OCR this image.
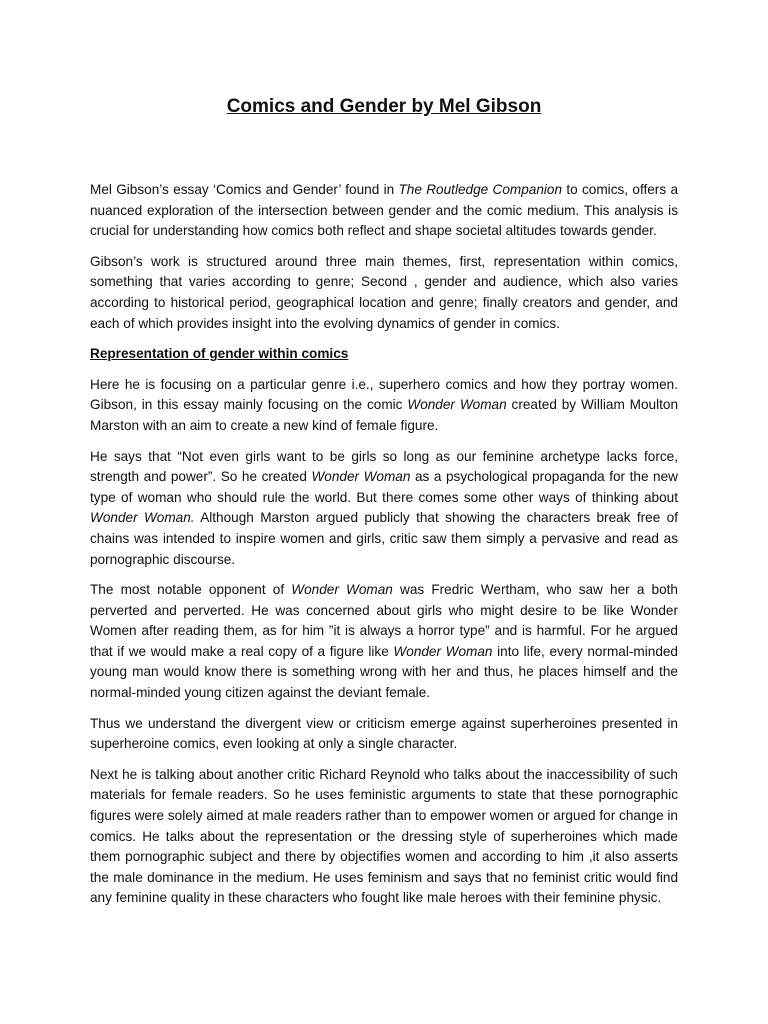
Comics and Gender by Mel Gibson

Mel Gibson’s essay ‘Comics and Gender’ found in The Routledge Companion to comics, offers a nuanced exploration of the intersection between gender and the comic medium. This analysis is crucial for understanding how comics both reflect and shape societal altitudes towards gender.

Gibson’s work is structured around three main themes, first, representation within comics, something that varies according to genre; Second , gender and audience, which also varies according to historical period, geographical location and genre; finally creators and gender, and each of which provides insight into the evolving dynamics of gender in comics.

Representation of gender within comics

Here he is focusing on a particular genre i.e., superhero comics and how they portray women. Gibson, in this essay mainly focusing on the comic Wonder Woman created by William Moulton Marston with an aim to create a new kind of female figure.

He says that “Not even girls want to be girls so long as our feminine archetype lacks force, strength and power”. So he created Wonder Woman as a psychological propaganda for the new type of woman who should rule the world. But there comes some other ways of thinking about Wonder Woman. Although Marston argued publicly that showing the characters break free of chains was intended to inspire women and girls, critic saw them simply a pervasive and read as pornographic discourse.

The most notable opponent of Wonder Woman was Fredric Wertham, who saw her a both perverted and perverted. He was concerned about girls who might desire to be like Wonder Women after reading them, as for him ”it is always a horror type” and is harmful. For he argued that if we would make a real copy of a figure like Wonder Woman into life, every normal-minded young man would know there is something wrong with her and thus, he places himself and the normal-minded young citizen against the deviant female.

Thus we understand the divergent view or criticism emerge against superheroines presented in superheroine comics, even looking at only a single character.

Next he is talking about another critic Richard Reynold who talks about the inaccessibility of such materials for female readers. So he uses feministic arguments to state that these pornographic figures were solely aimed at male readers rather than to empower women or argued for change in comics. He talks about the representation or the dressing style of superheroines which made them pornographic subject and there by objectifies women and according to him ,it also asserts the male dominance in the medium. He uses feminism and says that no feminist critic would find any feminine quality in these characters who fought like male heroes with their feminine physic.
